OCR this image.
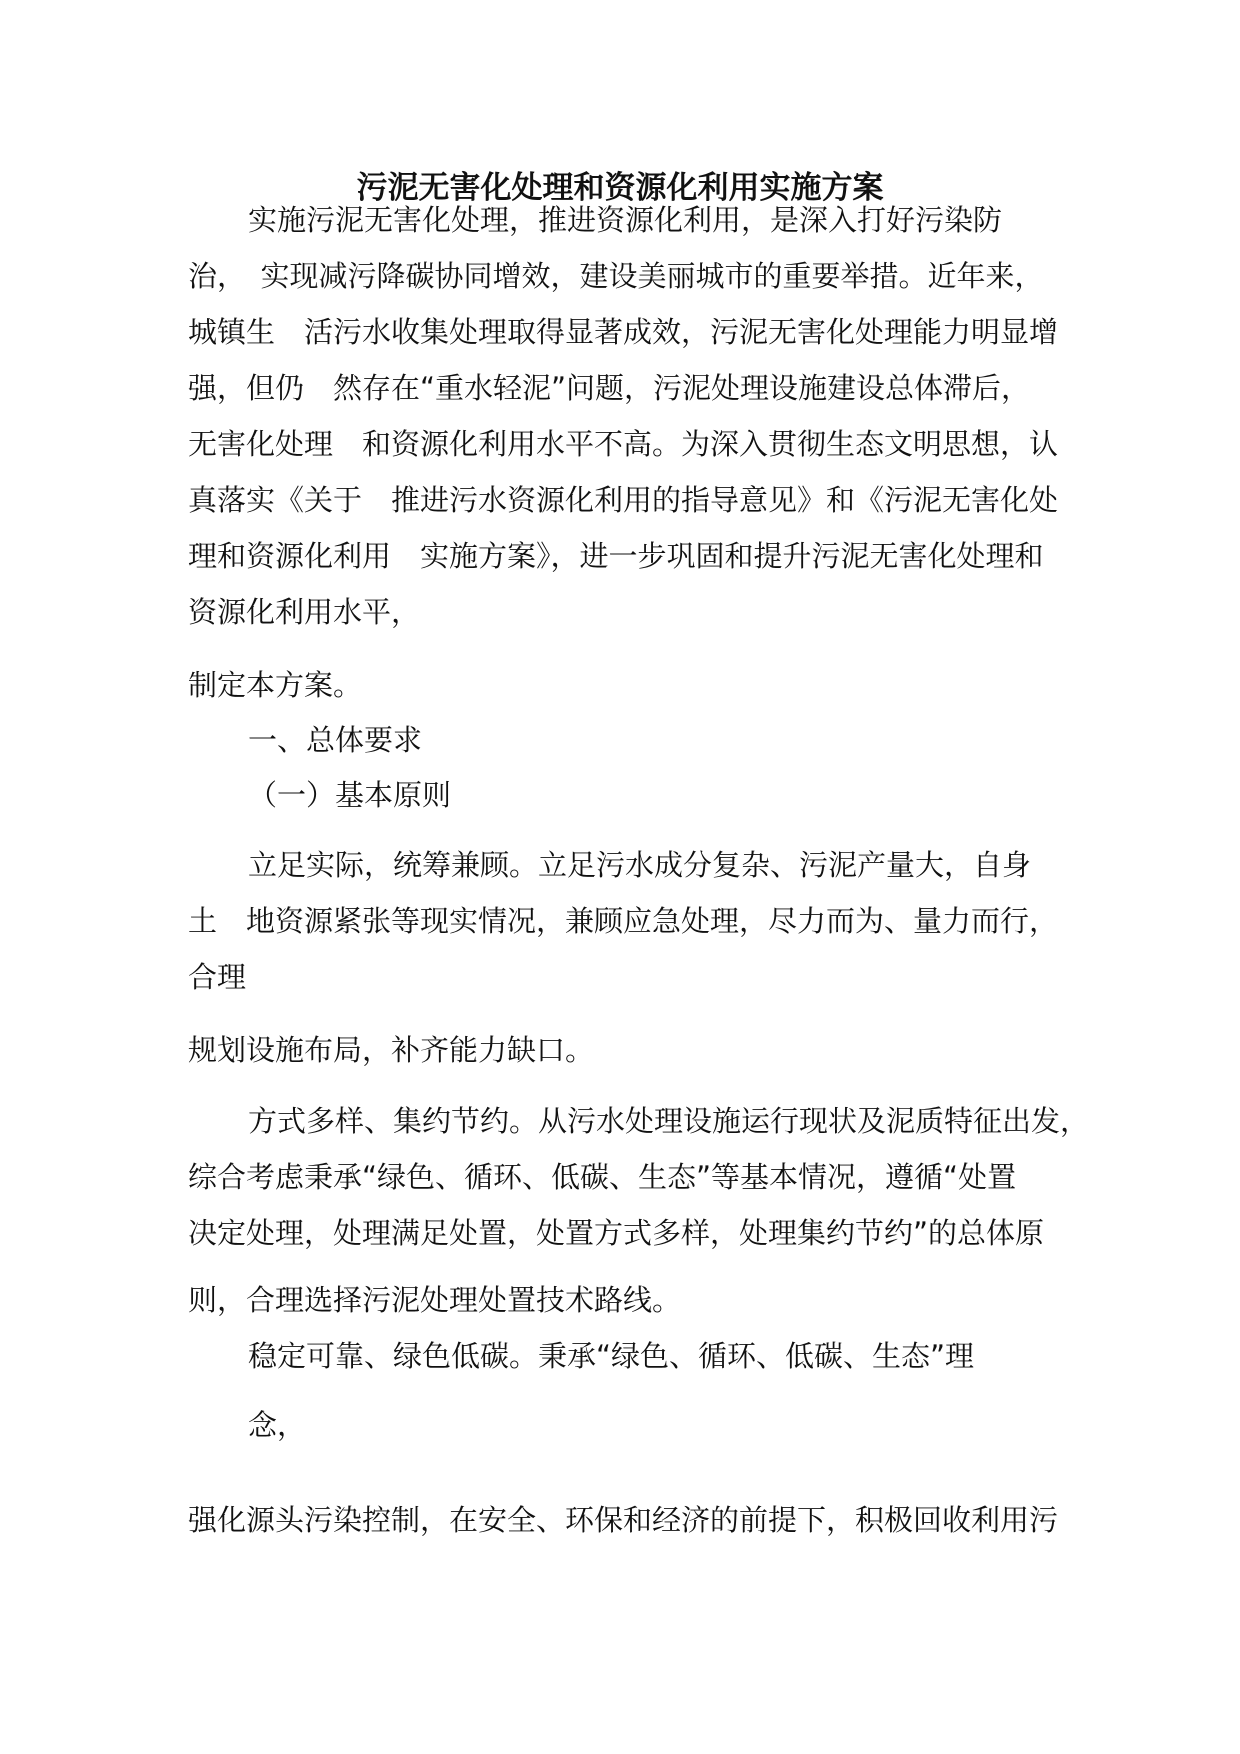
污泥无害化处理和资源化利用实施方案
实施污泥无害化处理，推进资源化利用，是深入打好污染防
治，　实现减污降碳协同增效，建设美丽城市的重要举措。近年来，
城镇生　活污水收集处理取得显著成效，污泥无害化处理能力明显增
强，但仍　然存在“重水轻泥”问题，污泥处理设施建设总体滞后，
无害化处理　和资源化利用水平不高。为深入贯彻生态文明思想，认
真落实《关于　推进污水资源化利用的指导意见》和《污泥无害化处
理和资源化利用　实施方案》，进一步巩固和提升污泥无害化处理和
资源化利用水平，
制定本方案。
一、总体要求
（一）基本原则
立足实际，统筹兼顾。立足污水成分复杂、污泥产量大，自身
土　地资源紧张等现实情况，兼顾应急处理，尽力而为、量力而行，
合理
规划设施布局，补齐能力缺口。
方式多样、集约节约。从污水处理设施运行现状及泥质特征出发，
综合考虑秉承“绿色、循环、低碳、生态”等基本情况，遵循“处置
决定处理，处理满足处置，处置方式多样，处理集约节约”的总体原
则，合理选择污泥处理处置技术路线。
稳定可靠、绿色低碳。秉承“绿色、循环、低碳、生态”理
念，
强化源头污染控制，在安全、环保和经济的前提下，积极回收利用污
